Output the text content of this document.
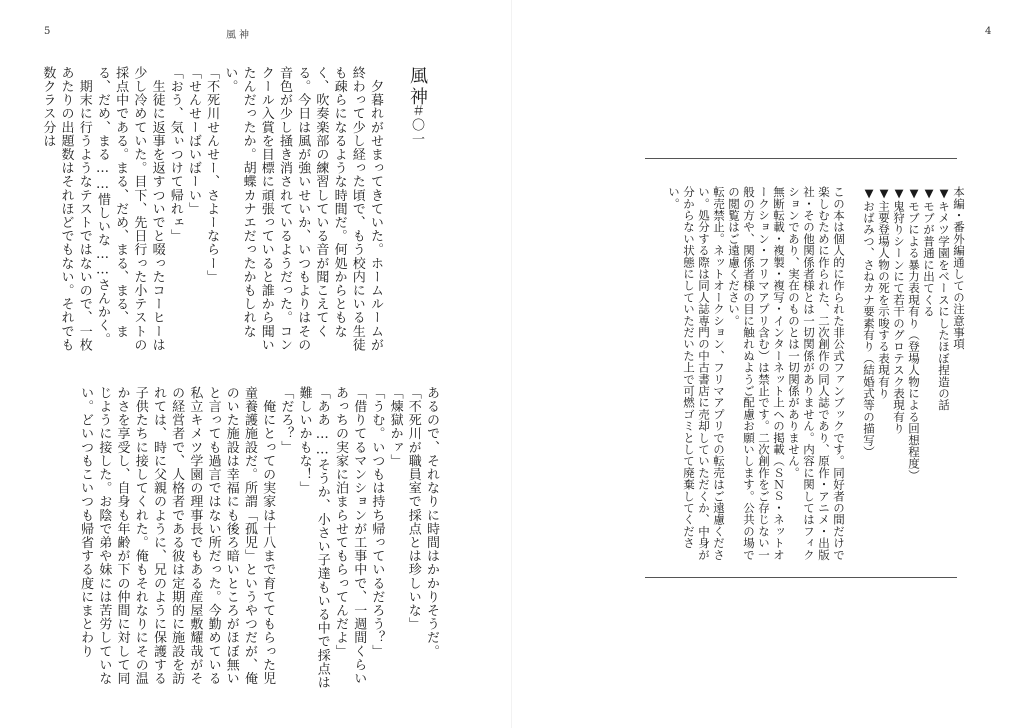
5	風神
風神
＃〇一
　夕暮れがせまってきていた。ホームルームが終わって少し経った頃で、もう校内にいる生徒も疎らになるような時間だ。何処からともなく、吹奏楽部の練習している音が聞こえてくる。今日は風が強いせいか、いつもよりはその音色が少し掻き消されているようだった。コンクール入賞を目標に頑張っていると誰から聞いたんだったか。胡蝶カナエだったかもしれない。
「不死川せんせー、さよーならー」
「せんせーばいばーい」
「おう、気ぃつけて帰れェ」
　生徒に返事を返すついでと啜ったコーヒーは少し冷めていた。目下、先日行った小テストの採点中である。まる、だめ、まる、まる、まる、だめ、まる……惜しいな……さんかく。
　期末に行うようなテストではないので、一枚あたりの出題数はそれほどでもない。それでも数クラス分は
あるので、それなりに時間はかかりそうだ。
「不死川が職員室で採点とは珍しいな」
「煉獄かァ」
「うむ。いつもは持ち帰っているだろう？」
「借りてるマンションが工事中で、一週間くらいあっちの実家に泊まらせてもらってんだよ」
「ああ……そうか、小さい子達もいる中で採点は難しいかもな！」
「だろ？」
　俺にとっての実家は十八まで育ててもらった児童養護施設だ。所謂「孤児」というやつだが、俺のいた施設は幸福にも後ろ暗いところがほぼ無いと言っても過言ではない所だった。今勤めている私立キメツ学園の理事長でもある産屋敷耀哉がその経営者で、人格者である彼は定期的に施設を訪れては、時に父親のように、兄のように保護する子供たちに接してくれた。俺もそれなりにその温かさを享受し、自身も年齢が下の仲間に対して同じように接した。お陰で弟や妹には苦労していない。どいつもこいつも帰省する度にまとわり
4
本編・番外編通しての注意事項
▼キメツ学園をベースにしたほぼ捏造の話
▼モブが普通に出てくる
▼モブによる暴力表現有り（登場人物による回想程度）
▼鬼狩りシーンにて若干のグロテスク表現有り
▼主要登場人物の死を示唆する表現有り
▼おばみつ、さねカナ要素有り（結婚式等の描写）

この本は個人的に作られた非公式ファンブックです。同好者の間だけで楽しむために作られた、二次創作の同人誌であり、原作・アニメ・出版社・その他関係者様とは一切関係がありません。内容に関してはフィクションであり、実在のものとは一切関係がありません。
無断転載・複製・複写・インターネット上への掲載（ＳＮＳ・ネットオークション・フリマアプリ含む）は禁止です。二次創作をご存じない一般の方や、関係者様の目に触れぬようご配慮お願いします。公共の場での閲覧はご遠慮ください。
転売禁止。ネットオークション、フリマアプリでの転売はご遠慮ください。処分する際は同人誌専門の中古書店に売却していただくか、中身が分からない状態にしていただいた上で可燃ゴミとして廃棄してください。
